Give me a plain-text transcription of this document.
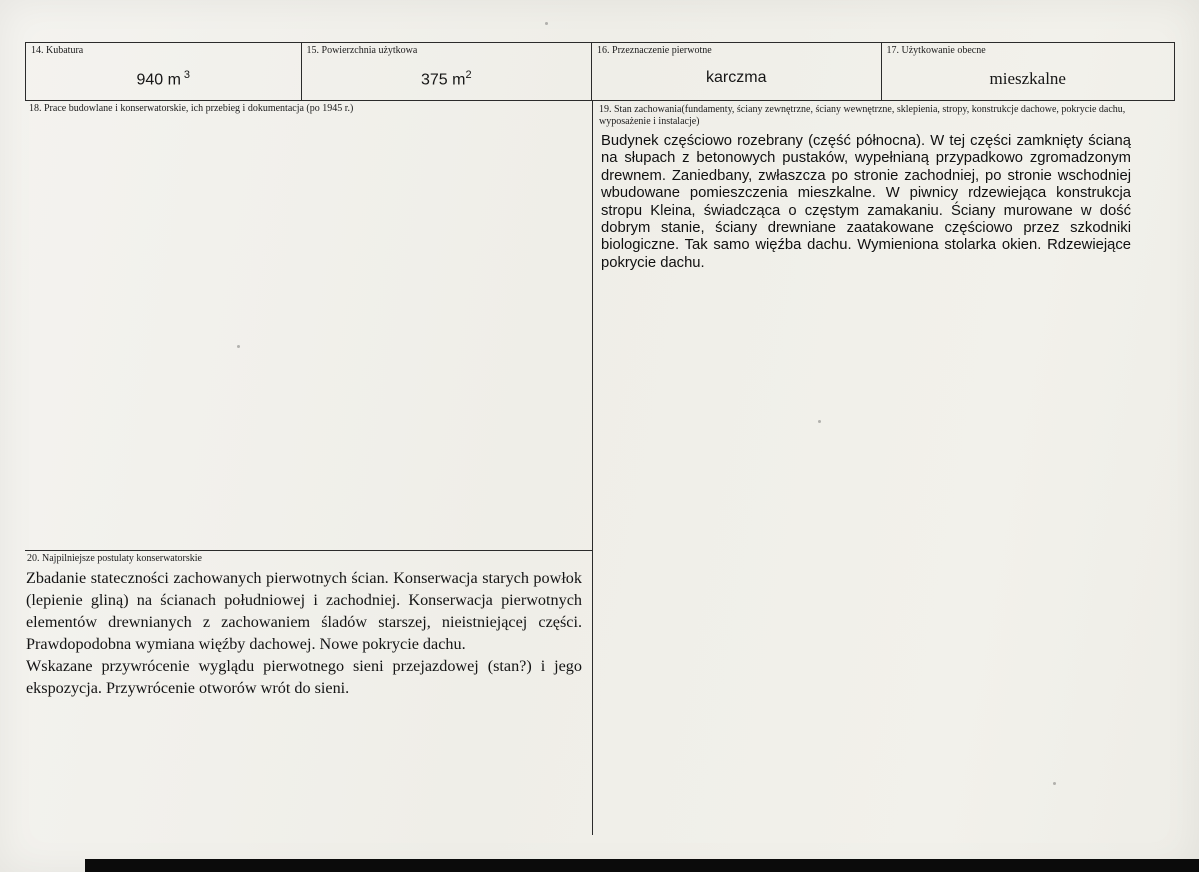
14. Kubatura
940 m $^3$
15. Powierzchnia użytkowa
375 $m^2$
16. Przeznaczenie pierwotne
karczma
17. Użytkowanie obecne
mieszkalne
18. Prace budowlane i konserwatorskie, ich przebieg i dokumentacja (po 1945 r.)	19. Stan zachowania(fundamenty, ściany zewnętrzne, ściany wewnętrzne, sklepienia, stropy, konstrukcje dachowe, pokrycie dachu, wyposażenie i instalacje)
Budynek częściowo rozebrany (część północna). W tej części zamknięty ścianą na słupach z betonowych pustaków, wypełnianą przypadkowo zgromadzonym drewnem. Zaniedbany, zwłaszcza po stronie zachodniej, po stronie wschodniej wbudowane pomieszczenia mieszkalne. W piwnicy rdzewiejąca konstrukcja stropu Kleina, świadcząca o częstym zamakaniu. Ściany murowane w dość dobrym stanie, ściany drewniane zaatakowane częściowo przez szkodniki biologiczne. Tak samo więźba dachu. Wymieniona stolarka okien. Rdzewiejące pokrycie dachu.
20. Najpilniejsze postulaty konserwatorskie

Zbadanie stateczności zachowanych pierwotnych ścian. Konserwacja starych powłok (lepienie gliną) na ścianach południowej i zachodniej. Konserwacja pierwotnych elementów drewnianych z zachowaniem śladów starszej, nieistniejącej części. Prawdopodobna wymiana więźby dachowej. Nowe pokrycie dachu.

Wskazane przywrócenie wyglądu pierwotnego sieni przejazdowej (stan?) i jego ekspozycja. Przywrócenie otworów wrót do sieni.
